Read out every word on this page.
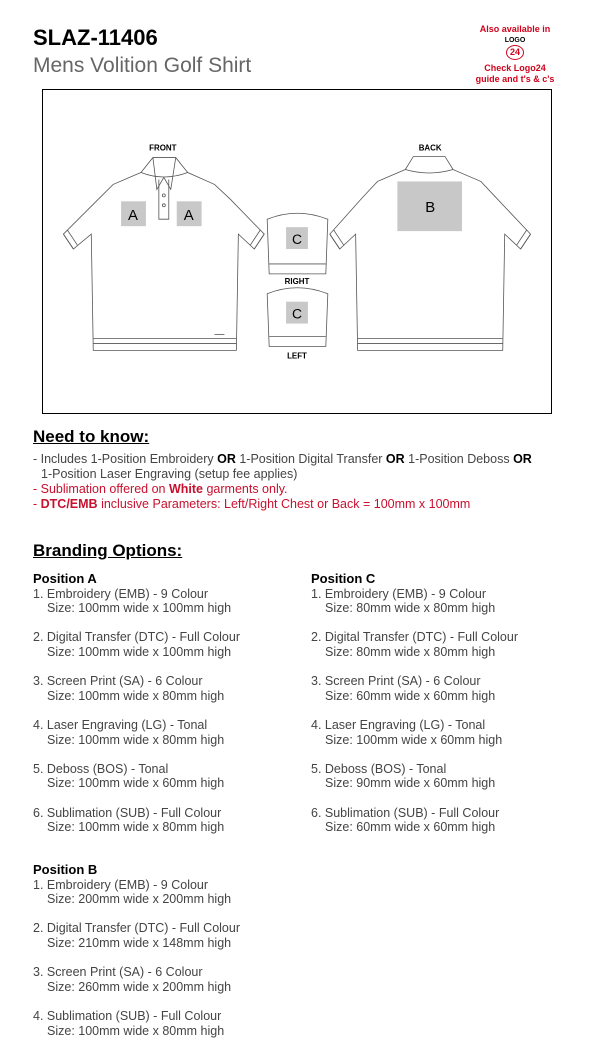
SLAZ-11406
Mens Volition Golf Shirt
Also available in
LOGO
24
Check Logo24
guide and t's & c's
A	A
C
C
B
FRONT	BACK
RIGHT
LEFT
Need to know:
- Includes 1-Position Embroidery OR 1-Position Digital Transfer OR 1-Position Deboss OR
1-Position Laser Engraving (setup fee applies)
- Sublimation offered on White garments only.
- DTC/EMB inclusive Parameters: Left/Right Chest or Back = 100mm x 100mm
Branding Options:
Position A
1. Embroidery (EMB) - 9 Colour
Size: 100mm wide x 100mm high
2. Digital Transfer (DTC) - Full Colour
Size: 100mm wide x 100mm high
3. Screen Print (SA) - 6 Colour
Size: 100mm wide x 80mm high
4. Laser Engraving (LG) - Tonal
Size: 100mm wide x 80mm high
5. Deboss (BOS) - Tonal
Size: 100mm wide x 60mm high
6. Sublimation (SUB) - Full Colour
Size: 100mm wide x 80mm high
Position C
1. Embroidery (EMB) - 9 Colour
Size: 80mm wide x 80mm high
2. Digital Transfer (DTC) - Full Colour
Size: 80mm wide x 80mm high
3. Screen Print (SA) - 6 Colour
Size: 60mm wide x 60mm high
4. Laser Engraving (LG) - Tonal
Size: 100mm wide x 60mm high
5. Deboss (BOS) - Tonal
Size: 90mm wide x 60mm high
6. Sublimation (SUB) - Full Colour
Size: 60mm wide x 60mm high
Position B
1. Embroidery (EMB) - 9 Colour
Size: 200mm wide x 200mm high
2. Digital Transfer (DTC) - Full Colour
Size: 210mm wide x 148mm high
3. Screen Print (SA) - 6 Colour
Size: 260mm wide x 200mm high
4. Sublimation (SUB) - Full Colour
Size: 100mm wide x 80mm high
